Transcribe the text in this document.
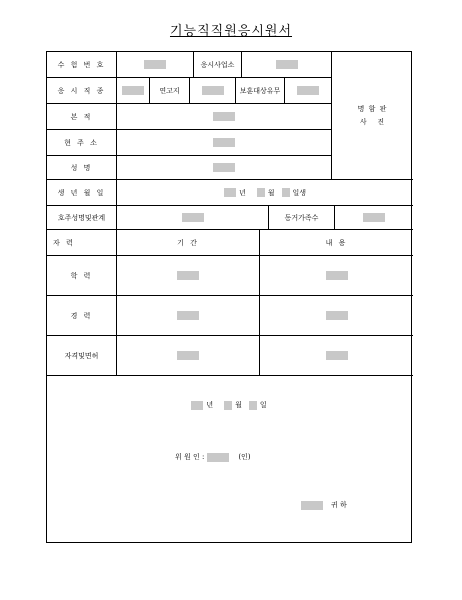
기능직직원응시원서
수 험 번 호	응시사업소
명 함 판
사   진
응 시 직 종	연고지	보훈대상유무
본 적
현 주 소
성 명
생 년 월 일	년	월	일생
호주성명및관계	동거가족수
자 력	기 간	내 용
학 력
경 력
자격및면허
년	월	일
위 원 인 :	(인)
귀 하
